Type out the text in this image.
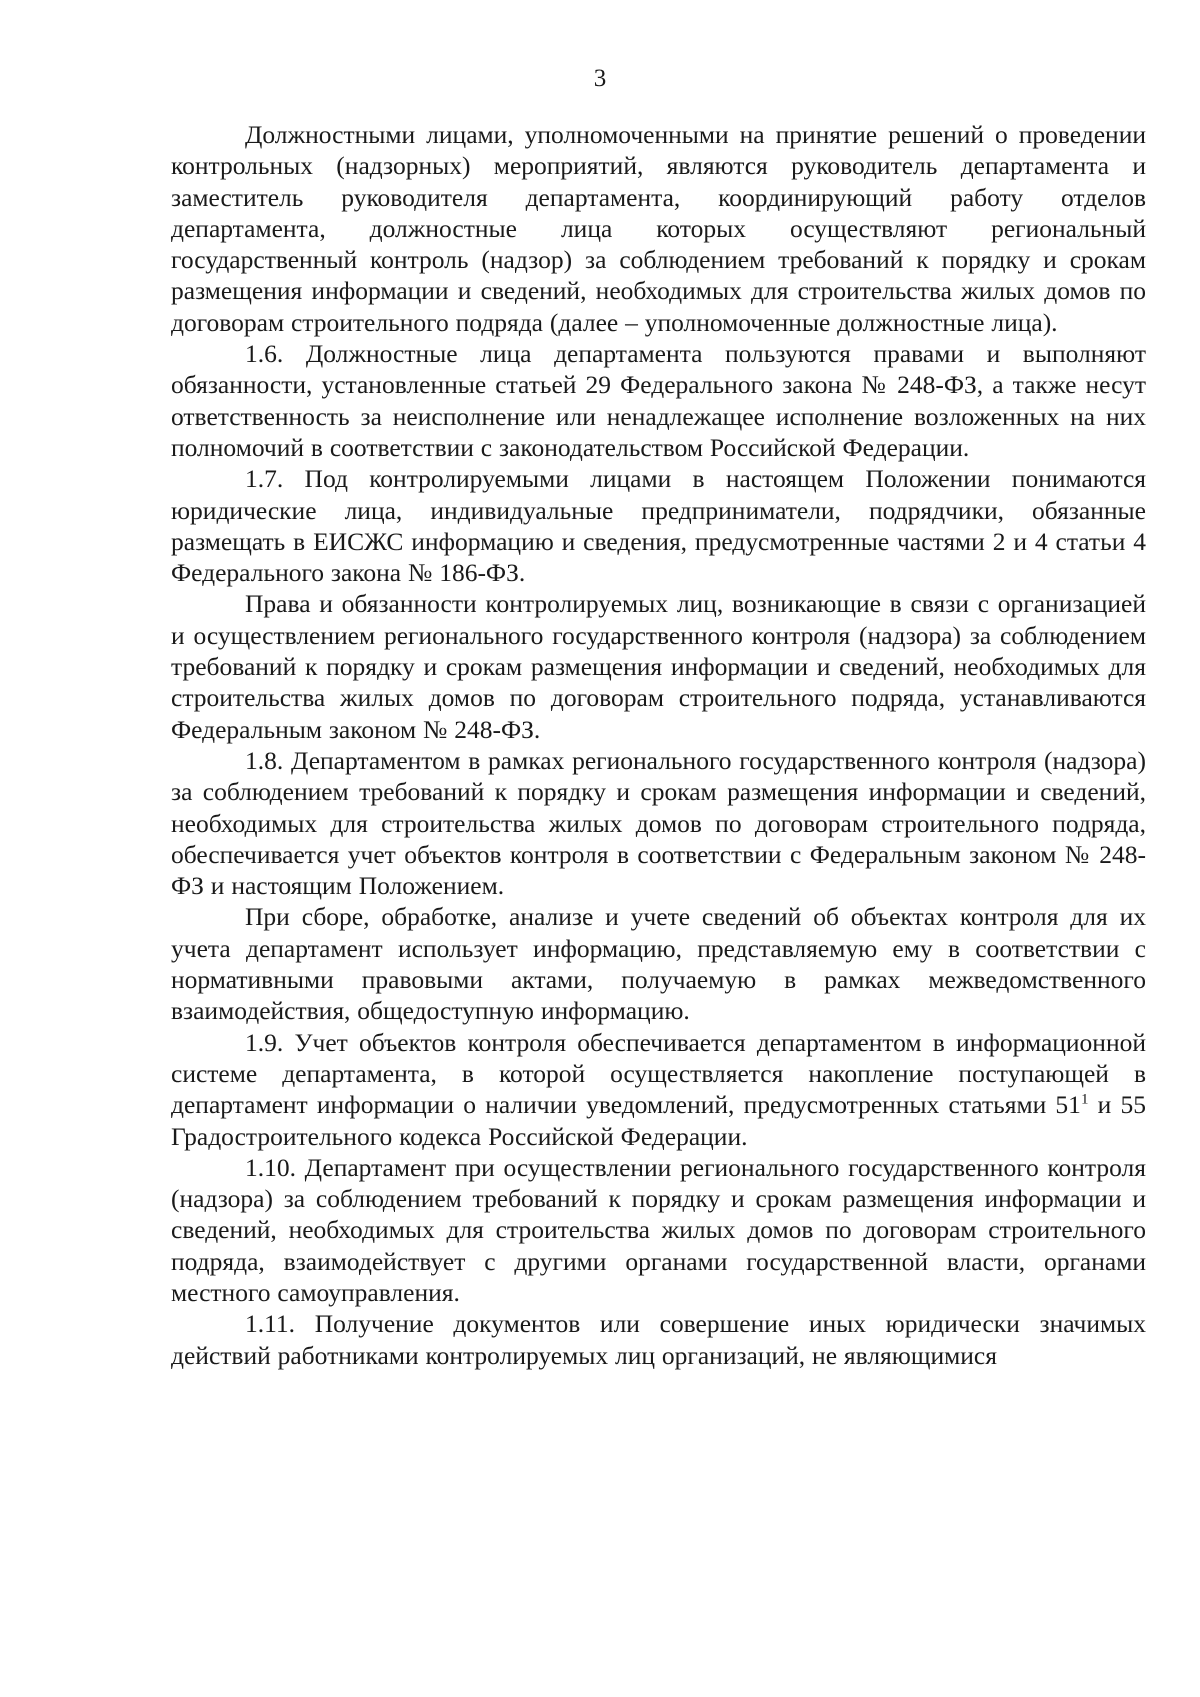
3

Должностными лицами, уполномоченными на принятие решений о проведении контрольных (надзорных) мероприятий, являются руководитель департамента и заместитель руководителя департамента, координирующий работу отделов департамента, должностные лица которых осуществляют региональный государственный контроль (надзор) за соблюдением требований к порядку и срокам размещения информации и сведений, необходимых для строительства жилых домов по договорам строительного подряда (далее – уполномоченные должностные лица).

1.6. Должностные лица департамента пользуются правами и выполняют обязанности, установленные статьей 29 Федерального закона № 248-ФЗ, а также несут ответственность за неисполнение или ненадлежащее исполнение возложенных на них полномочий в соответствии с законодательством Российской Федерации.

1.7. Под контролируемыми лицами в настоящем Положении понимаются юридические лица, индивидуальные предприниматели, подрядчики, обязанные размещать в ЕИСЖС информацию и сведения, предусмотренные частями 2 и 4 статьи 4 Федерального закона № 186-ФЗ.

Права и обязанности контролируемых лиц, возникающие в связи с организацией и осуществлением регионального государственного контроля (надзора) за соблюдением требований к порядку и срокам размещения информации и сведений, необходимых для строительства жилых домов по договорам строительного подряда, устанавливаются Федеральным законом № 248-ФЗ.

1.8. Департаментом в рамках регионального государственного контроля (надзора) за соблюдением требований к порядку и срокам размещения информации и сведений, необходимых для строительства жилых домов по договорам строительного подряда, обеспечивается учет объектов контроля в соответствии с Федеральным законом № 248-ФЗ и настоящим Положением.

При сборе, обработке, анализе и учете сведений об объектах контроля для их учета департамент использует информацию, представляемую ему в соответствии с нормативными правовыми актами, получаемую в рамках межведомственного взаимодействия, общедоступную информацию.

1.9. Учет объектов контроля обеспечивается департаментом в информационной системе департамента, в которой осуществляется накопление поступающей в департамент информации о наличии уведомлений, предусмотренных статьями $51^1$ и 55 Градостроительного кодекса Российской Федерации.

1.10. Департамент при осуществлении регионального государственного контроля (надзора) за соблюдением требований к порядку и срокам размещения информации и сведений, необходимых для строительства жилых домов по договорам строительного подряда, взаимодействует с другими органами государственной власти, органами местного самоуправления.

1.11. Получение документов или совершение иных юридически значимых действий работниками контролируемых лиц организаций, не являющимися
